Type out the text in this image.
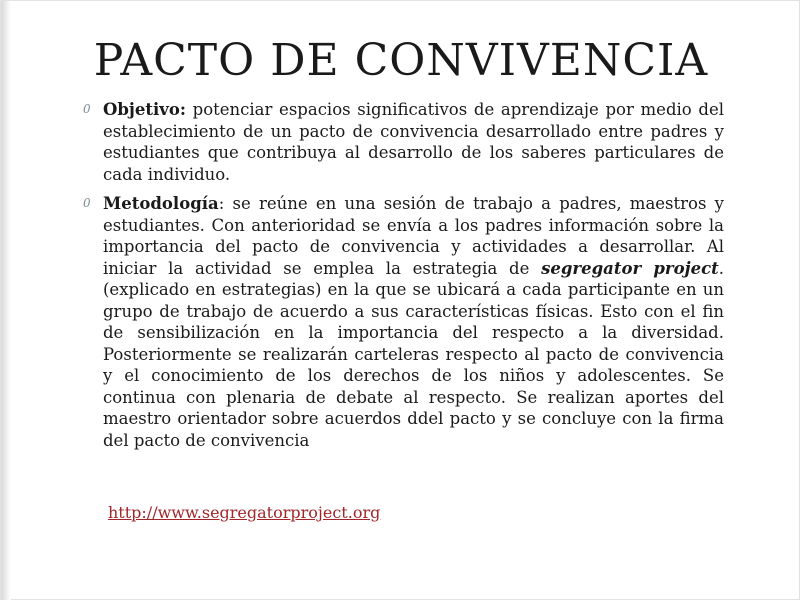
PACTO DE CONVIVENCIA
0 Objetivo: potenciar espacios significativos de aprendizaje por medio del establecimiento de un pacto de convivencia desarrollado entre padres y estudiantes que contribuya al desarrollo de los saberes particulares de cada individuo.
0 Metodología: se reúne en una sesión de trabajo a padres, maestros y estudiantes. Con anterioridad se envía a los padres información sobre la importancia del pacto de convivencia y actividades a desarrollar. Al iniciar la actividad se emplea la estrategia de segregator project. (explicado en estrategias) en la que se ubicará a cada participante en un grupo de trabajo de acuerdo a sus características físicas. Esto con el fin de sensibilización en la importancia del respecto a la diversidad. Posteriormente se realizarán carteleras respecto al pacto de convivencia y el conocimiento de los derechos de los niños y adolescentes. Se continua con plenaria de debate al respecto. Se realizan aportes del maestro orientador sobre acuerdos ddel pacto y se concluye con la firma del pacto de convivencia
http://www.segregatorproject.org
